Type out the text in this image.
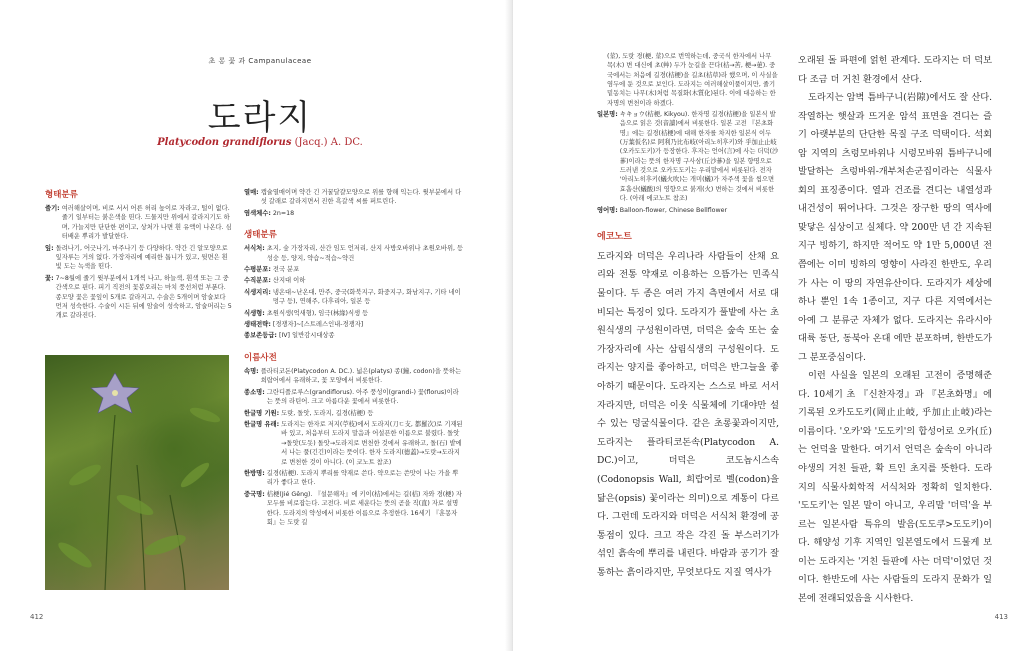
초 롱 꽃 과 Campanulaceae
도라지
Platycodon grandiflorus (Jacq.) A. DC.
형태분류
줄기: 여러해살이며, 비로 서서 어른 허리 높이로 자라고, 털이 없다. 줄기 일부터는 붉은색을 띤다. 드물지만 위에서 갈라지기도 하며, 가늘지만 단단한 편이고, 상처가 나면 흰 유액이 나온다. 심터배운 뿌리가 발달한다.
잎: 돌려나기, 어긋나기, 마주나기 등 다양하다. 약간 긴 알모양으로 잎자루는 거의 없다. 가장자리에 예리한 톱니가 있고, 뒷면은 흰빛 도는 녹색을 띤다.
꽃: 7~8월에 줄기 윗부분에서 1개씩 나고, 하늘색, 흰색 또는 그 중간색으로 핀다. 피기 직전의 꽃봉오리는 마치 풍선처럼 부푼다. 종모양 꽃은 꽃잎이 5개로 갈라지고, 수술은 5개이며 암술보다 먼저 성숙한다. 수술이 시든 뒤에 암술이 성숙하고, 암술머리는 5개로 갈라진다.
열매: 캡슐열매이며 약간 긴 거꿀달걀모양으로 위를 향해 익는다. 윗부분에서 다섯 갈래로 갈라지면서 진한 흑갈색 씨를 퍼트린다.
염색체수: 2n=18
생태분류
서식처: 초지, 숲 가장자리, 산간 임도 언저리, 산지 사방오바위나 초원오바위, 등성숭 등, 양지, 약습~적습~약건
수평분포: 전국 분포
수직분포: 산지대 이하
식생지리: 냉온대~난온대, 만주, 중국(화북지구, 화중지구, 화남지구, 기타 네이멍구 등), 연해주, 다후리아, 일본 등
식생형: 초원식생(억새형), 임극(林緣)식생 등
생태전략: [경쟁자]~[스트레스인내-경쟁자]
종보존등급: [IV] 일반감시대상종
이름사전
속명: 플라티코돈(Platycodon A. DC.). 넓은(platys) 종(鐘, codon)을 뜻하는 희랍어에서 유래하고, 꽃 모양에서 비롯한다.
종소명: 그란디플로루스(grandiflorus). 아주 풍성이(grandi-) 꽃(florus)이라는 뜻의 라틴어. 크고 아름다운 꽃에서 비롯한다.
한글명 기원: 도랒, 돌앗, 도라지, 길경(桔梗) 등
한글명 유래: 도라지는 한자로 저지(苧枝)에서 도라지(刀ㄷ支, 都羅次)로 기재된 바 있고, 처음부터 도라지 말음과 어설픈한 이름으로 불렸다. 돌앗→돌앗(도돗) 돌앗→도라지로 변천한 것에서 유래하고, 돌(石) 밭에서 나는 풀(긴긴)이라는 뜻이다. 한자 도라지(德蓋)→도랏→도라지로 변천한 것이 아니다. (이 코노트 참조)
한방명: 길경(桔梗). 도라지 뿌리를 약재로 쓴다. 약으로는 쓴맛이 나는 가을 뿌리가 좋다고 한다.
중국명: 桔梗(Jié Gěng). 『설문해자』에 키이(桔)에서는 길(桔) 자와 경(梗) 자 모두를 비로잡는다. 고전다. 비로 세운다는 뜻의 곧을 직(直) 자로 설명한다. 도라지의 약성에서 비롯한 이름으로 추정한다. 16세기 『훈몽자회』는 도랏 길
412
(莖), 도랏 경(梗, 莖)으로 번역하는데, 중국식 한자에서 나무 목(木) 변 대신에 초(艸) 두가 눈길을 끈다(桔→苦, 梗→莄). 중국에서는 처음에 길경(桔梗)을 길초(桔草)라 했으며, 이 사실을 염두에 둔 것으로 보인다. 도라지는 여러해살이풀이지만, 줄기 밑동치는 나무(木)처럼 목질화(木質化)된다. 이에 대응하는 한자명의 변천이라 하겠다.
일본명: キキョウ(桔梗, Kikyou). 한자명 길경(桔梗)을 일본식 발음으로 읽은 것(音讀)에서 비롯한다. 일본 고전 『본초화명』에는 길경(桔梗)에 대해 한자를 차지한 일본식 이두(万葉仮名)로 阿利乃比布岐(아리노히후키)와 乎加止止岐(오카도도키)가 등장한다. 후자는 언어(言)에 사는 더덕(沙蔘)이라는 뜻의 한자명 구사삼(丘沙蔘)을 일본 향명으로 드러낸 것으로 오카도도키는 우리말에서 비롯된다. 전자 '아리노히후키(蟻火吹)는 개미(蟻)가 자주색 꽃을 씹으면 효흡산(蟻酸)의 영향으로 붉게(火) 변하는 것에서 비롯한다. (아래 에코노트 참조)
영어명: Balloon-flower, Chinese Bellflower
에코노트
도라지와 더덕은 우리나라 사람들이 산채 요리와 전통 약재로 이용하는 으뜸가는 민족식물이다. 두 종은 여러 가지 측면에서 서로 대비되는 특징이 있다. 도라지가 풀밭에 사는 초원식생의 구성원이라면, 더덕은 숲속 또는 숲 가장자리에 사는 삼림식생의 구성원이다. 도라지는 양지를 좋아하고, 더덕은 반그늘을 좋아하기 때문이다. 도라지는 스스로 바로 서서 자라지만, 더덕은 이웃 식물체에 기대야만 설 수 있는 덩굴식물이다. 같은 초롱꽃과이지만, 도라지는 플라티코돈속(Platycodon A. DC.)이고, 더덕은 코도놉시스속(Codonopsis Wall, 희랍어로 벨(codon)을 닮은(opsis) 꽃이라는 의미)으로 계통이 다르다. 그런데 도라지와 더덕은 서식처 환경에 공통점이 있다. 크고 작은 각진 돌 부스러기가 섞인 흙속에 뿌리를 내린다. 바람과 공기가 잘 통하는 흙이라지만, 무엇보다도 지질 역사가
오래된 돌 파편에 얽힌 관계다. 도라지는 더 덕보다 조금 더 거친 환경에서 산다.
도라지는 암벽 틈바구니(岩隙)에서도 잘 산다. 작열하는 햇살과 뜨거운 암석 표면을 견디는 즐기 아랫부분의 단단한 목질 구조 덕택이다. 석회암 지역의 츠렁모바위나 시렁모바위 틈바구니에 발달하는 츠렁바위-개부처손군집이라는 식물사회의 표징종이다. 열과 건조를 견디는 내열성과 내건성이 뛰어나다. 그것은 장구한 땅의 역사에 맞닿은 심상이고 실체다. 약 200만 년 간 지속된 지구 빙하기, 하지만 적어도 약 1만 5,000년 전쯤에는 이미 빙하의 영향이 사라진 한반도, 우리가 사는 이 땅의 자연유산이다. 도라지가 세상에 하나 뿐인 1속 1종이고, 지구 다른 지역에서는 아예 그 분류군 자체가 없다. 도라지는 유라시아 대륙 동단, 동북아 온대 에만 분포하며, 한반도가 그 분포중심이다.
이런 사실을 일본의 오래된 고전이 증명해준다. 10세기 초 『신찬자경』과 『본초화명』에 기록된 오카도도키(岡止止岐, 乎加止止岐)라는 이름이다. '오카'와 '도도키'의 합성어로 오카(丘)는 언덕을 말한다. 여기서 언덕은 숲속이 아니라 야생의 거친 들판, 확 트인 초지를 뜻한다. 도라지의 식물사회학적 서식처와 정확히 일치한다. '도도키'는 일본 말이 아니고, 우리말 '더덕'을 부르는 일본사람 특유의 발음(도도쿠>도도키)이다. 해양성 기후 지역인 일본열도에서 드물게 보이는 도라지는 '거친 들판에 사는 더덕'이었던 것이다. 한반도에 사는 사람들의 도라지 문화가 일본에 전래되었음을 시사한다.
413
